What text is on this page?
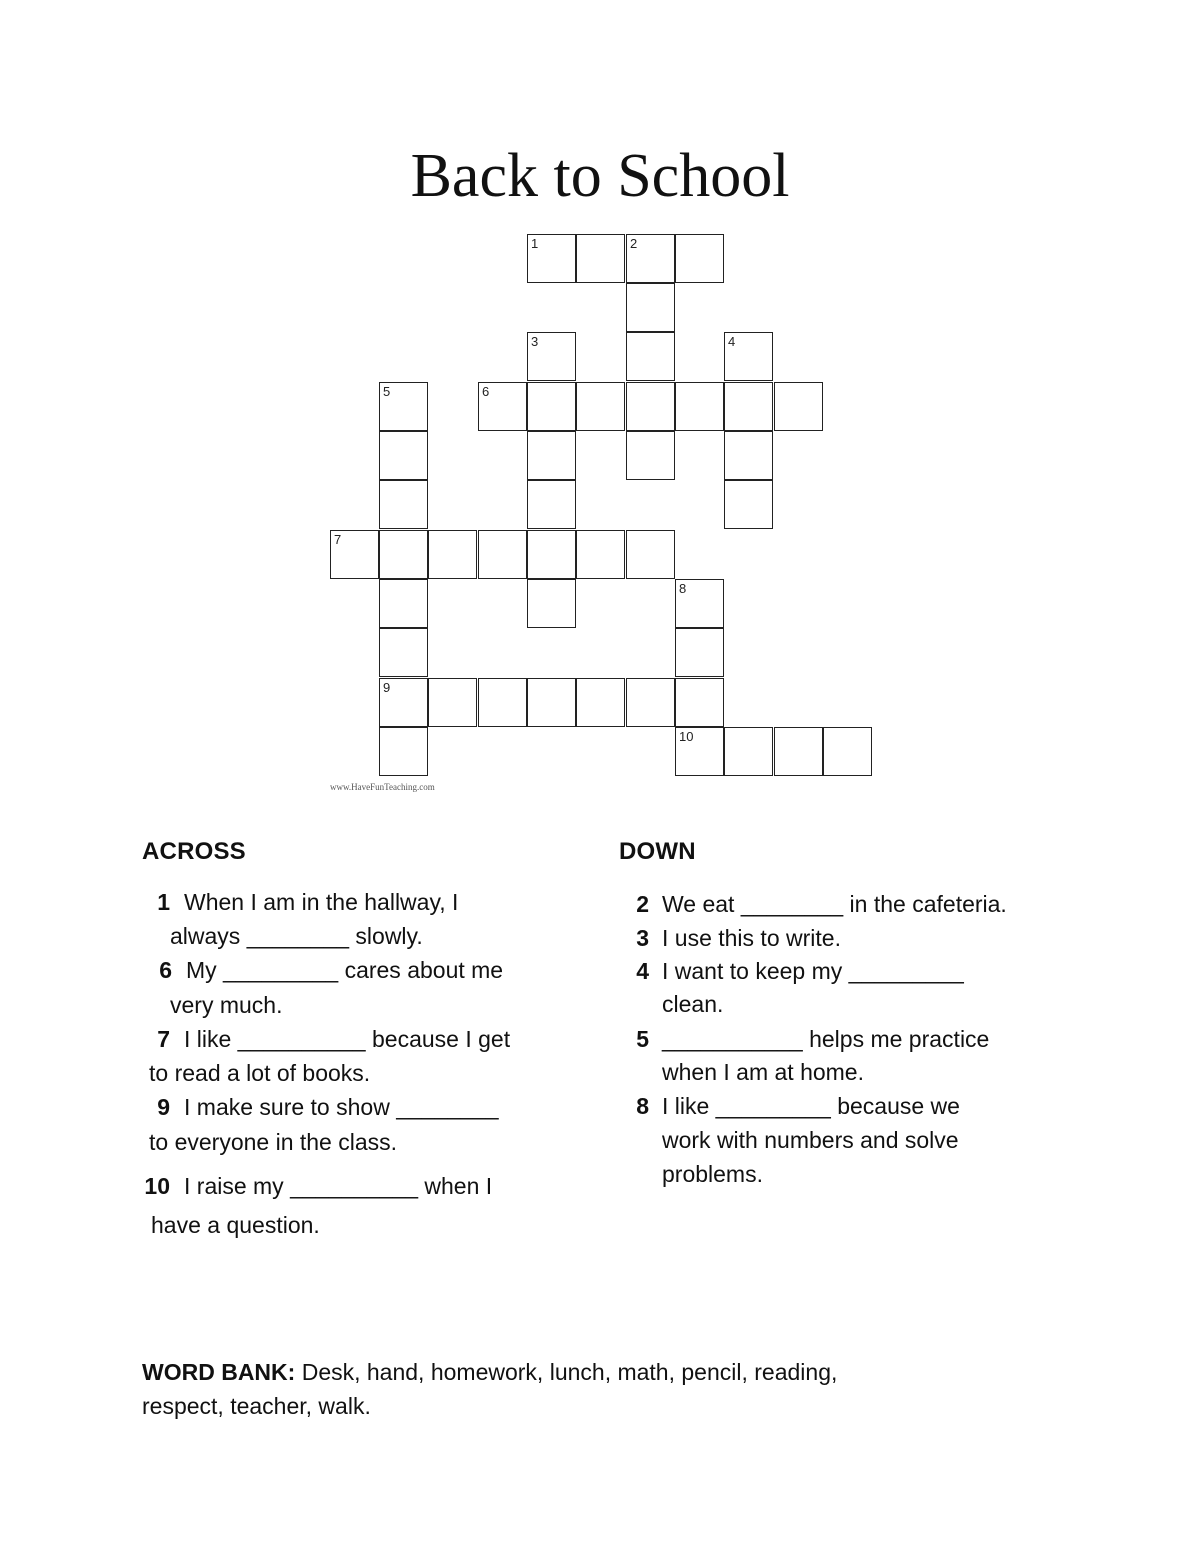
Back to School
1	2
3	4
6
5
7
8
9
10

www.HaveFunTeaching.com

ACROSS
1 When I am in the hallway, I

always ________ slowly.

6 My _________ cares about me

very much.

7 I like __________ because I get

to read a lot of books.

9 I make sure to show ________

to everyone in the class.

10 I raise my __________ when I

have a question.

DOWN
2 We eat ________ in the cafeteria.

3 I use this to write.

4 I want to keep my _________

clean.

5 ___________ helps me practice

when I am at home.

8 I like _________ because we

work with numbers and solve

problems.

WORD BANK: Desk, hand, homework, lunch, math, pencil, reading,

respect, teacher, walk.
